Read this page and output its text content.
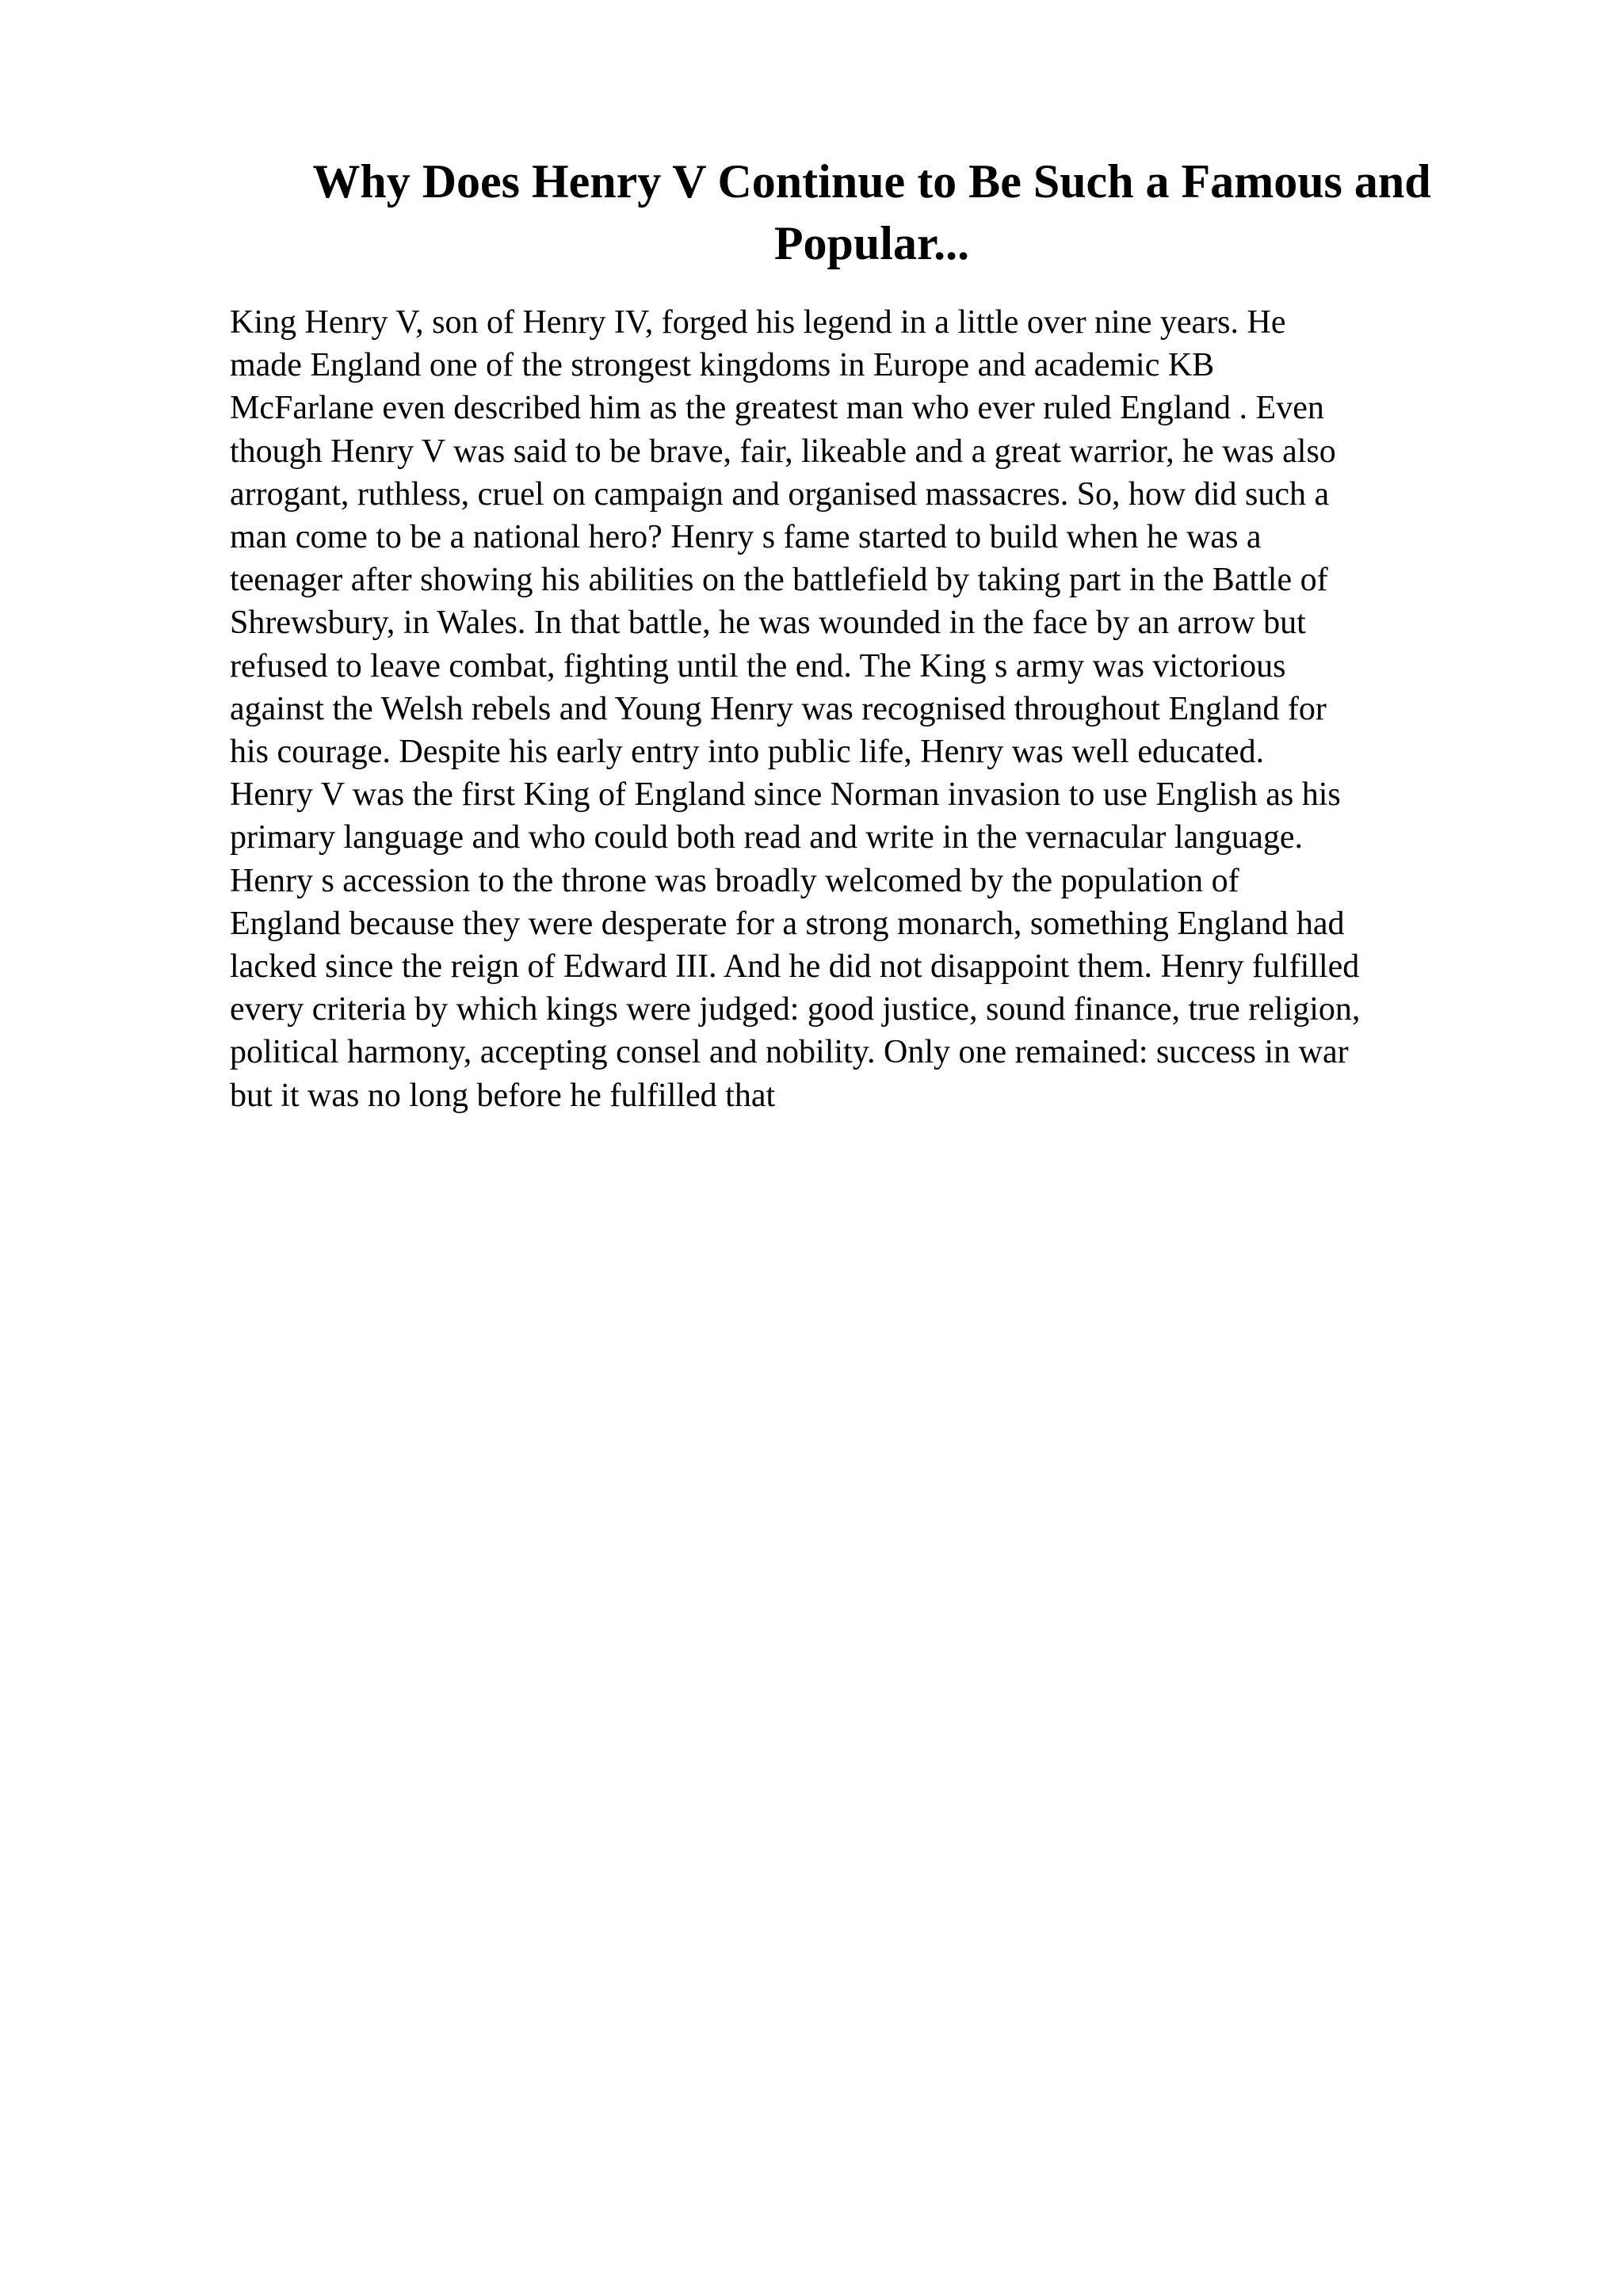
Why Does Henry V Continue to Be Such a Famous and Popular...
King Henry V, son of Henry IV, forged his legend in a little over nine years. He
made England one of the strongest kingdoms in Europe and academic KB
McFarlane even described him as the greatest man who ever ruled England . Even
though Henry V was said to be brave, fair, likeable and a great warrior, he was also
arrogant, ruthless, cruel on campaign and organised massacres. So, how did such a
man come to be a national hero? Henry s fame started to build when he was a
teenager after showing his abilities on the battlefield by taking part in the Battle of
Shrewsbury, in Wales. In that battle, he was wounded in the face by an arrow but
refused to leave combat, fighting until the end. The King s army was victorious
against the Welsh rebels and Young Henry was recognised throughout England for
his courage. Despite his early entry into public life, Henry was well educated.
Henry V was the first King of England since Norman invasion to use English as his
primary language and who could both read and write in the vernacular language.
Henry s accession to the throne was broadly welcomed by the population of
England because they were desperate for a strong monarch, something England had
lacked since the reign of Edward III. And he did not disappoint them. Henry fulfilled
every criteria by which kings were judged: good justice, sound finance, true religion,
political harmony, accepting consel and nobility. Only one remained: success in war
but it was no long before he fulfilled that
